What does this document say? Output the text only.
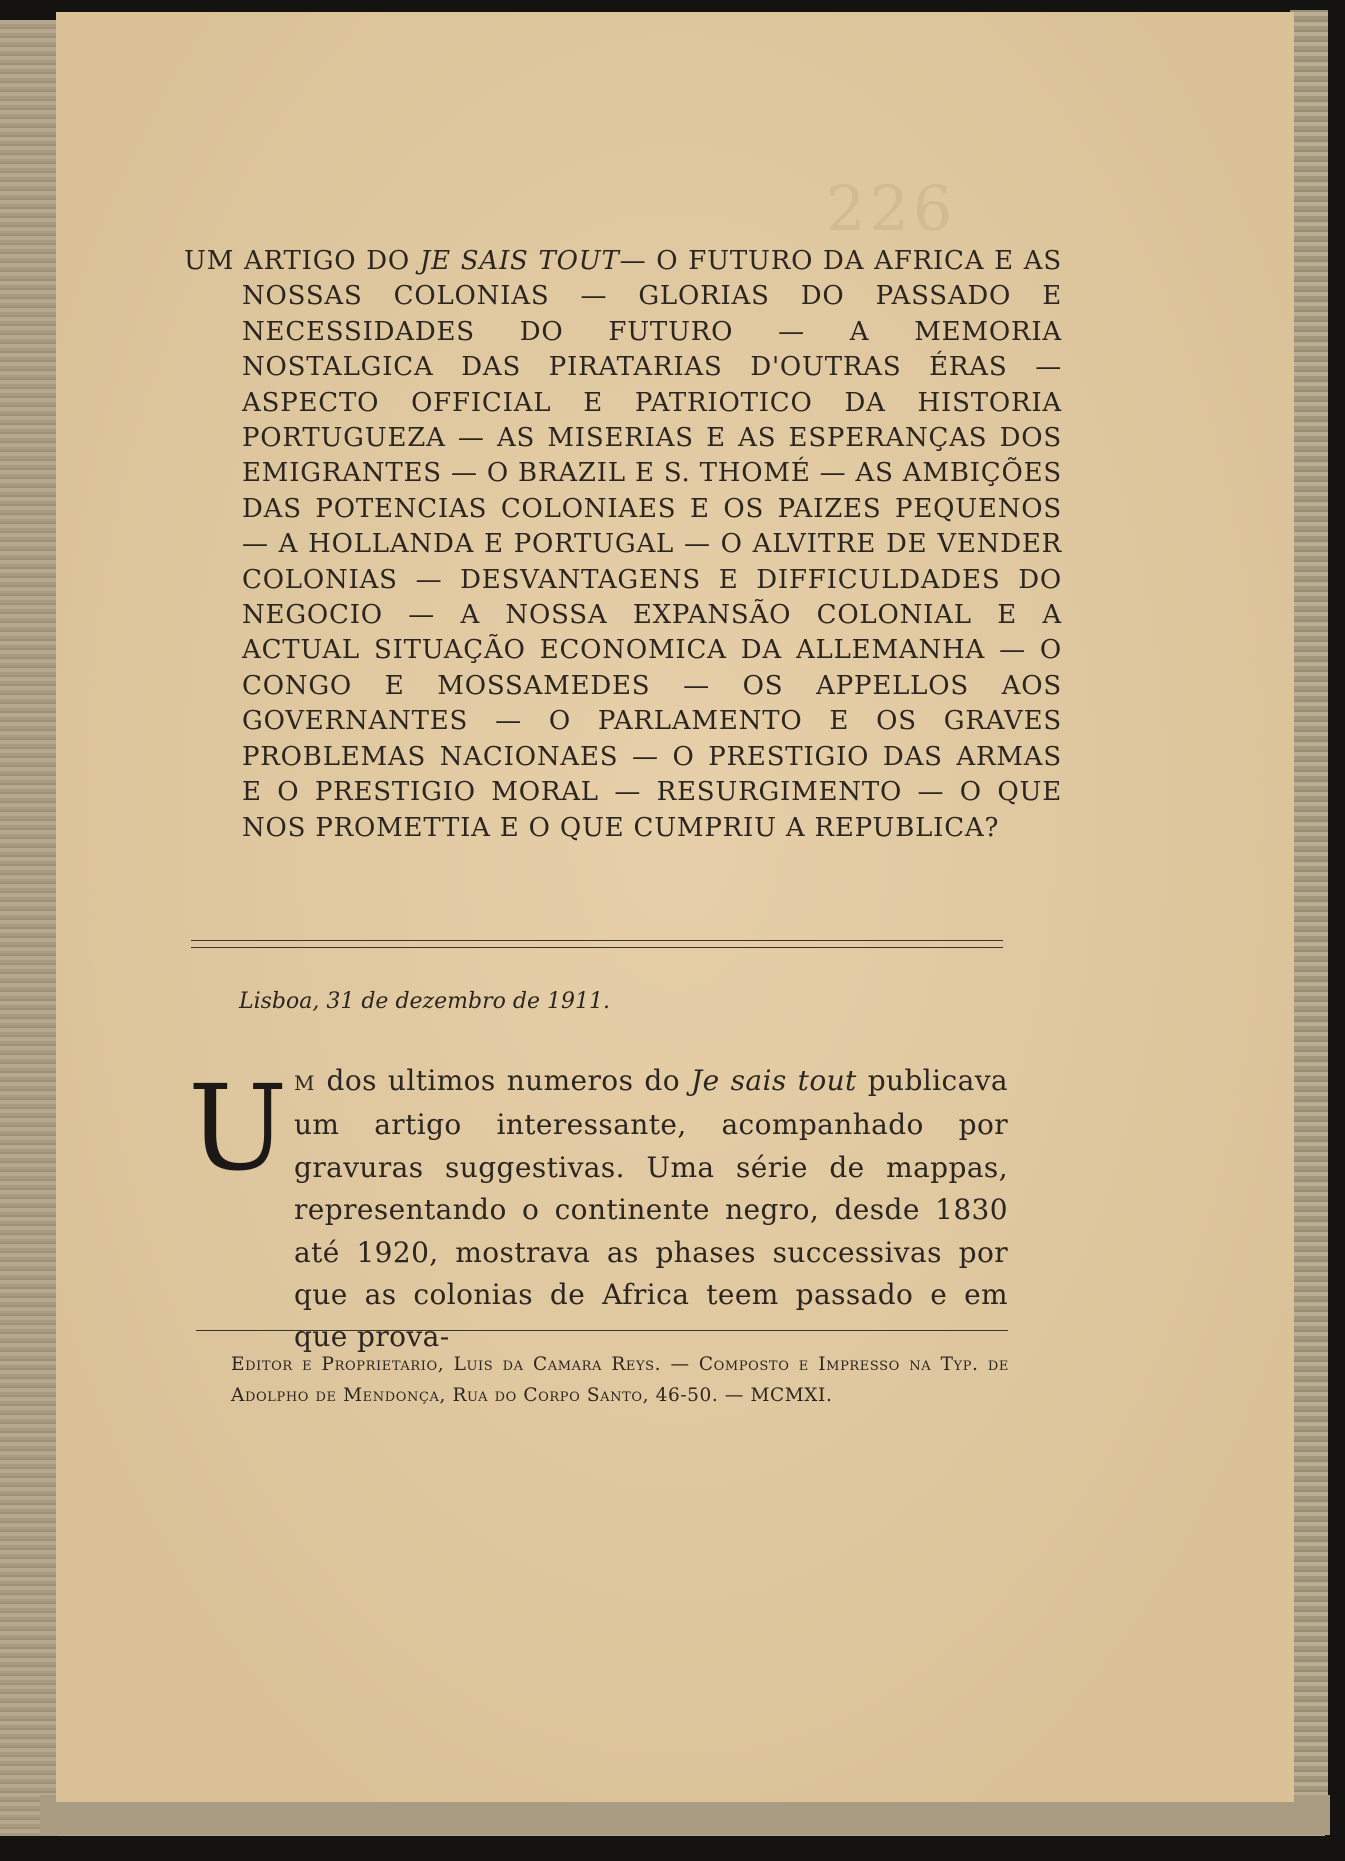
226
UM ARTIGO DO JE SAIS TOUT— O FUTURO DA AFRICA E AS NOSSAS COLONIAS — GLORIAS DO PASSADO E NECESSIDADES DO FUTURO — A MEMORIA NOSTALGICA DAS PIRATARIAS D'OUTRAS ÉRAS — ASPECTO OFFICIAL E PATRIOTICO DA HISTORIA PORTUGUEZA — AS MISERIAS E AS ESPERANÇAS DOS EMIGRANTES — O BRAZIL E S. THOMÉ — AS AMBIÇÕES DAS POTENCIAS COLONIAES E OS PAIZES PEQUENOS — A HOLLANDA E PORTUGAL — O ALVITRE DE VENDER COLONIAS — DESVANTAGENS E DIFFICULDADES DO NEGOCIO — A NOSSA EXPANSÃO COLONIAL E A ACTUAL SITUAÇÃO ECONOMICA DA ALLEMANHA — O CONGO E MOSSAMEDES — OS APPELLOS AOS GOVERNANTES — O PARLAMENTO E OS GRAVES PROBLEMAS NACIONAES — O PRESTIGIO DAS ARMAS E O PRESTIGIO MORAL — RESURGIMENTO — O QUE NOS PROMETTIA E O QUE CUMPRIU A REPUBLICA?
Lisboa, 31 de dezembro de 1911.
U M dos ultimos numeros do Je sais tout publicava um artigo interessante, acompanhado por gravuras suggestivas. Uma série de mappas, representando o continente negro, desde 1830 até 1920, mostrava as phases successivas por que as colonias de Africa teem passado e em que prova-
Editor e Proprietario, Luis da Camara Reys. — Composto e Impresso na Typ. de Adolpho de Mendonça, Rua do Corpo Santo, 46-50. — MCMXI.
